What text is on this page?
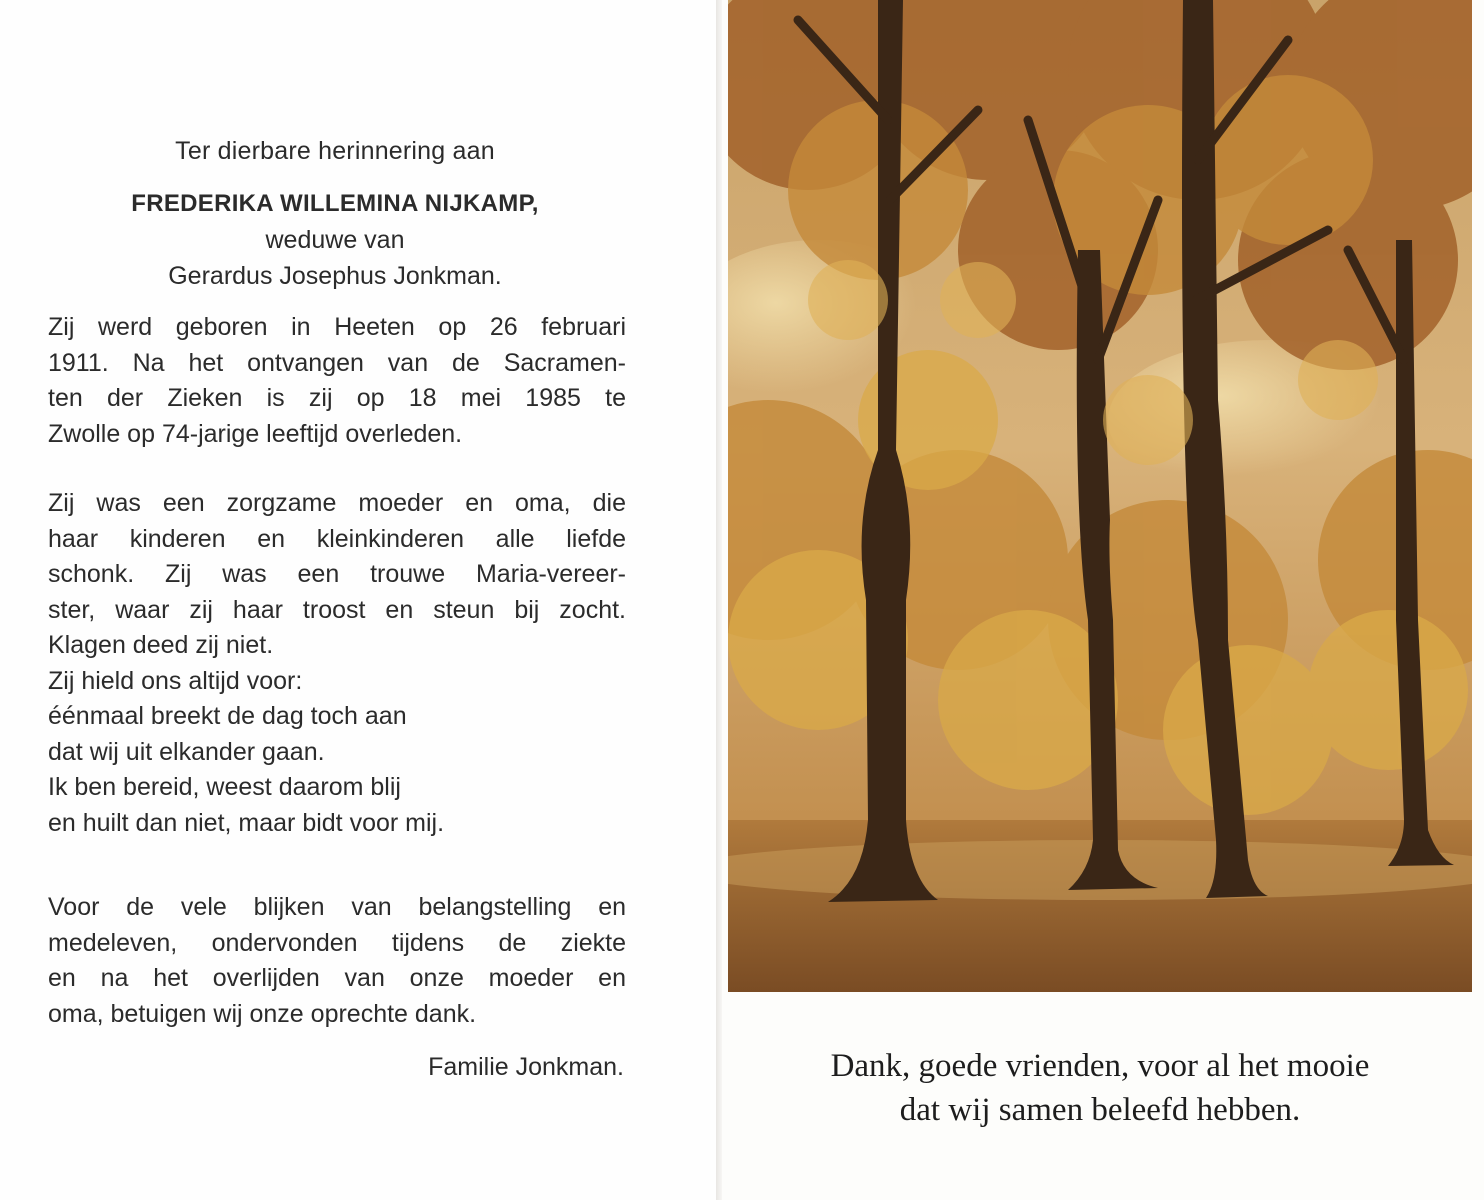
Ter dierbare herinnering aan
FREDERIKA WILLEMINA NIJKAMP,
weduwe van
Gerardus Josephus Jonkman.
Zij werd geboren in Heeten op 26 februari
1911. Na het ontvangen van de Sacramen-
ten der Zieken is zij op 18 mei 1985 te
Zwolle op 74-jarige leeftijd overleden.
Zij was een zorgzame moeder en oma, die
haar kinderen en kleinkinderen alle liefde
schonk. Zij was een trouwe Maria-vereer-
ster, waar zij haar troost en steun bij zocht.
Klagen deed zij niet.
Zij hield ons altijd voor:
éénmaal breekt de dag toch aan
dat wij uit elkander gaan.
Ik ben bereid, weest daarom blij
en huilt dan niet, maar bidt voor mij.
Voor de vele blijken van belangstelling en
medeleven, ondervonden tijdens de ziekte
en na het overlijden van onze moeder en
oma, betuigen wij onze oprechte dank.
Familie Jonkman.	Dank, goede vrienden, voor al het mooie
dat wij samen beleefd hebben.
